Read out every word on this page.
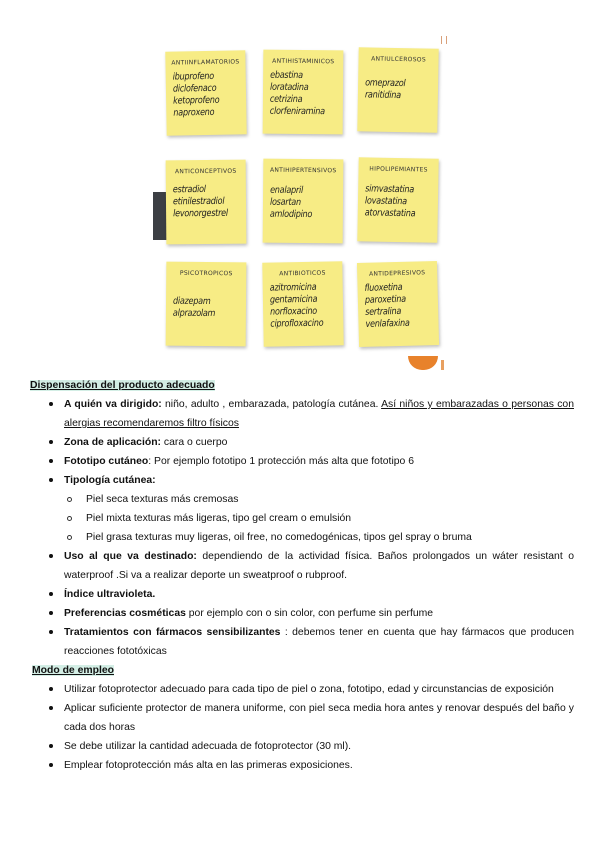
ANTIINFLAMATORIOS
ibuprofeno
diclofenaco
ketoprofeno
naproxeno
ANTIHISTAMINICOS
ebastina
loratadina
cetrizina
clorfeniramina
ANTIULCEROSOS
omeprazol
ranitidina
ANTICONCEPTIVOS
estradiol
etinilestradiol
levonorgestrel
ANTIHIPERTENSIVOS
enalapril
losartan
amlodipino
HIPOLIPEMIANTES
simvastatina
lovastatina
atorvastatina
PSICOTROPICOS
diazepam
alprazolam
ANTIBIOTICOS
azitromicina
gentamicina
norfloxacino
ciprofloxacino
ANTIDEPRESIVOS
fluoxetina
paroxetina
sertralina
venlafaxina
Dispensación del producto adecuado
A quién va dirigido: niño, adulto , embarazada, patología cutánea. Así niños y embarazadas o personas con alergias recomendaremos filtro físicos
Zona de aplicación: cara o cuerpo
Fototipo cutáneo: Por ejemplo fototipo 1 protección más alta que fototipo 6
Tipología cutánea:
Piel seca texturas más cremosas
Piel mixta texturas más ligeras, tipo gel cream o emulsión
Piel grasa texturas muy ligeras, oil free, no comedogénicas, tipos gel spray o bruma
Uso al que va destinado: dependiendo de la actividad física. Baños prolongados un wáter resistant o waterproof .Si va a realizar deporte un sweatproof o rubproof.
Índice ultravioleta.
Preferencias cosméticas por ejemplo con o sin color, con perfume sin perfume
Tratamientos con fármacos sensibilizantes : debemos tener en cuenta que hay fármacos que producen reacciones fototóxicas
Modo de empleo
Utilizar fotoprotector adecuado para cada tipo de piel o zona, fototipo, edad y circunstancias de exposición
Aplicar suficiente protector de manera uniforme, con piel seca media hora antes y renovar después del baño y cada dos horas
Se debe utilizar la cantidad adecuada de fotoprotector (30 ml).
Emplear fotoprotección más alta en las primeras exposiciones.
